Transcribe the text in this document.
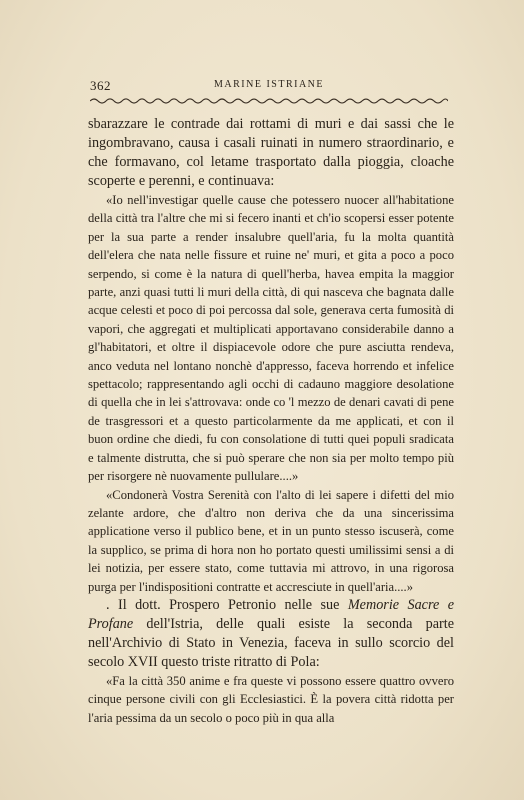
362	MARINE ISTRIANE

sbarazzare le contrade dai rottami di muri e dai sassi che le ingombravano, causa i casali ruinati in numero straordinario, e che formavano, col letame trasportato dalla pioggia, cloache scoperte e perenni, e continuava:

«Io nell'investigar quelle cause che potessero nuocer all'habitatione della città tra l'altre che mi si fecero inanti et ch'io scopersi esser potente per la sua parte a render insalubre quell'aria, fu la molta quantità dell'elera che nata nelle fissure et ruine ne' muri, et gita a poco a poco serpendo, si come è la natura di quell'herba, havea empita la maggior parte, anzi quasi tutti li muri della città, di qui nasceva che bagnata dalle acque celesti et poco di poi percossa dal sole, generava certa fumosità di vapori, che aggregati et multiplicati apportavano considerabile danno a gl'habitatori, et oltre il dispiacevole odore che pure asciutta rendeva, anco veduta nel lontano nonchè d'appresso, faceva horrendo et infelice spettacolo; rappresentando agli occhi di cadauno maggiore desolatione di quella che in lei s'attrovava: onde co 'l mezzo de denari cavati di pene de trasgressori et a questo particolarmente da me applicati, et con il buon ordine che diedi, fu con consolatione di tutti quei populi sradicata e talmente distrutta, che si può sperare che non sia per molto tempo più per risorgere nè nuovamente pullulare....»

«Condonerà Vostra Serenità con l'alto di lei sapere i difetti del mio zelante ardore, che d'altro non deriva che da una sincerissima applicatione verso il publico bene, et in un punto stesso iscuserà, come la supplico, se prima di hora non ho portato questi umilissimi sensi a di lei notizia, per essere stato, come tuttavia mi attrovo, in una rigorosa purga per l'indispositioni contratte et accresciute in quell'aria....»

. Il dott. Prospero Petronio nelle sue Memorie Sacre e Profane dell'Istria, delle quali esiste la seconda parte nell'Archivio di Stato in Venezia, faceva in sullo scorcio del secolo XVII questo triste ritratto di Pola:

«Fa la città 350 anime e fra queste vi possono essere quattro ovvero cinque persone civili con gli Ecclesiastici. È la povera città ridotta per l'aria pessima da un secolo o poco più in qua alla
